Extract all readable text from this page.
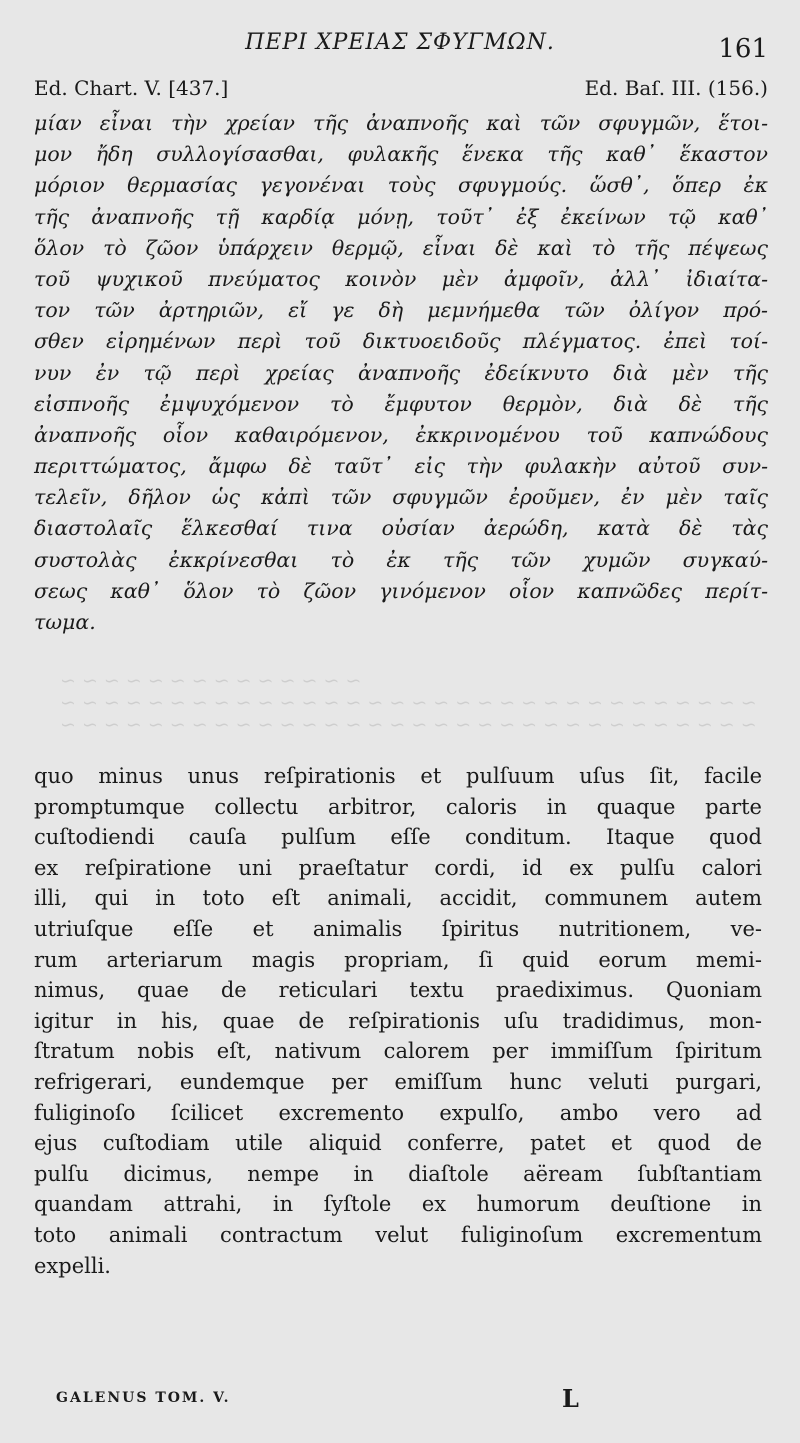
ΠΕΡΙ ΧΡΕΙΑΣ ΣΦΥΓΜΩΝ.	161
Ed. Chart. V. [437.]	Ed. Baſ. III. (156.)
μίαν εἶναι τὴν χρείαν τῆς ἀναπνοῆς καὶ τῶν σφυγμῶν, ἕτοι-
μον ἤδη συλλογίσασθαι, φυλακῆς ἕνεκα τῆς καθ᾽ ἕκαστον
μόριον θερμασίας γεγονέναι τοὺς σφυγμούς. ὥσθ᾽, ὅπερ ἐκ
τῆς ἀναπνοῆς τῇ καρδίᾳ μόνῃ, τοῦτ᾽ ἐξ ἐκείνων τῷ καθ᾽
ὅλον τὸ ζῶον ὑπάρχειν θερμῷ, εἶναι δὲ καὶ τὸ τῆς πέψεως
τοῦ ψυχικοῦ πνεύματος κοινὸν μὲν ἀμφοῖν, ἀλλ᾽ ἰδιαίτα-
τον τῶν ἀρτηριῶν, εἴ γε δὴ μεμνήμεθα τῶν ὀλίγον πρό-
σθεν εἰρημένων περὶ τοῦ δικτυοειδοῦς πλέγματος. ἐπεὶ τοί-
νυν ἐν τῷ περὶ χρείας ἀναπνοῆς ἐδείκνυτο διὰ μὲν τῆς
εἰσπνοῆς ἐμψυχόμενον τὸ ἔμφυτον θερμὸν, διὰ δὲ τῆς
ἀναπνοῆς οἷον καθαιρόμενον, ἐκκρινομένου τοῦ καπνώδους
περιττώματος, ἄμφω δὲ ταῦτ᾽ εἰς τὴν φυλακὴν αὐτοῦ συν-
τελεῖν, δῆλον ὡς κἀπὶ τῶν σφυγμῶν ἐροῦμεν, ἐν μὲν ταῖς
διαστολαῖς ἕλκεσθαί τινα οὐσίαν ἀερώδη, κατὰ δὲ τὰς
συστολὰς ἐκκρίνεσθαι τὸ ἐκ τῆς τῶν χυμῶν συγκαύ-
σεως καθ᾽ ὅλον τὸ ζῶον γινόμενον οἷον καπνῶδες περίτ-
τωμα.
~ ~ ~ ~ ~ ~ ~ ~ ~ ~ ~ ~ ~ ~ ~ ~ ~ ~ ~ ~ ~ ~ ~ ~ ~ ~ ~ ~ ~ ~ ~ ~ ~ ~ ~ ~ ~ ~ ~ ~ ~ ~ ~ ~ ~ ~ ~ ~ ~ ~ ~ ~ ~ ~ ~ ~ ~ ~ ~ ~ ~ ~ ~ ~ ~ ~ ~ ~ ~ ~ ~ ~ ~ ~ ~ ~ ~ ~
quo minus unus reſpirationis et pulſuum uſus ſit, facile
promptumque collectu arbitror, caloris in quaque parte
cuſtodiendi cauſa pulſum eſſe conditum. Itaque quod
ex reſpiratione uni praeſtatur cordi, id ex pulſu calori
illi, qui in toto eſt animali, accidit, communem autem
utriuſque eſſe et animalis ſpiritus nutritionem, ve-
rum arteriarum magis propriam, ſi quid eorum memi-
nimus, quae de reticulari textu praediximus. Quoniam
igitur in his, quae de reſpirationis uſu tradidimus, mon-
ſtratum nobis eſt, nativum calorem per immiſſum ſpiritum
refrigerari, eundemque per emiſſum hunc veluti purgari,
fuliginoſo ſcilicet excremento expulſo, ambo vero ad
ejus cuſtodiam utile aliquid conferre, patet et quod de
pulſu dicimus, nempe in diaſtole aëream ſubſtantiam
quandam attrahi, in ſyſtole ex humorum deuſtione in
toto animali contractum velut fuliginoſum excrementum
expelli.
GALENUS TOM. V.	L
